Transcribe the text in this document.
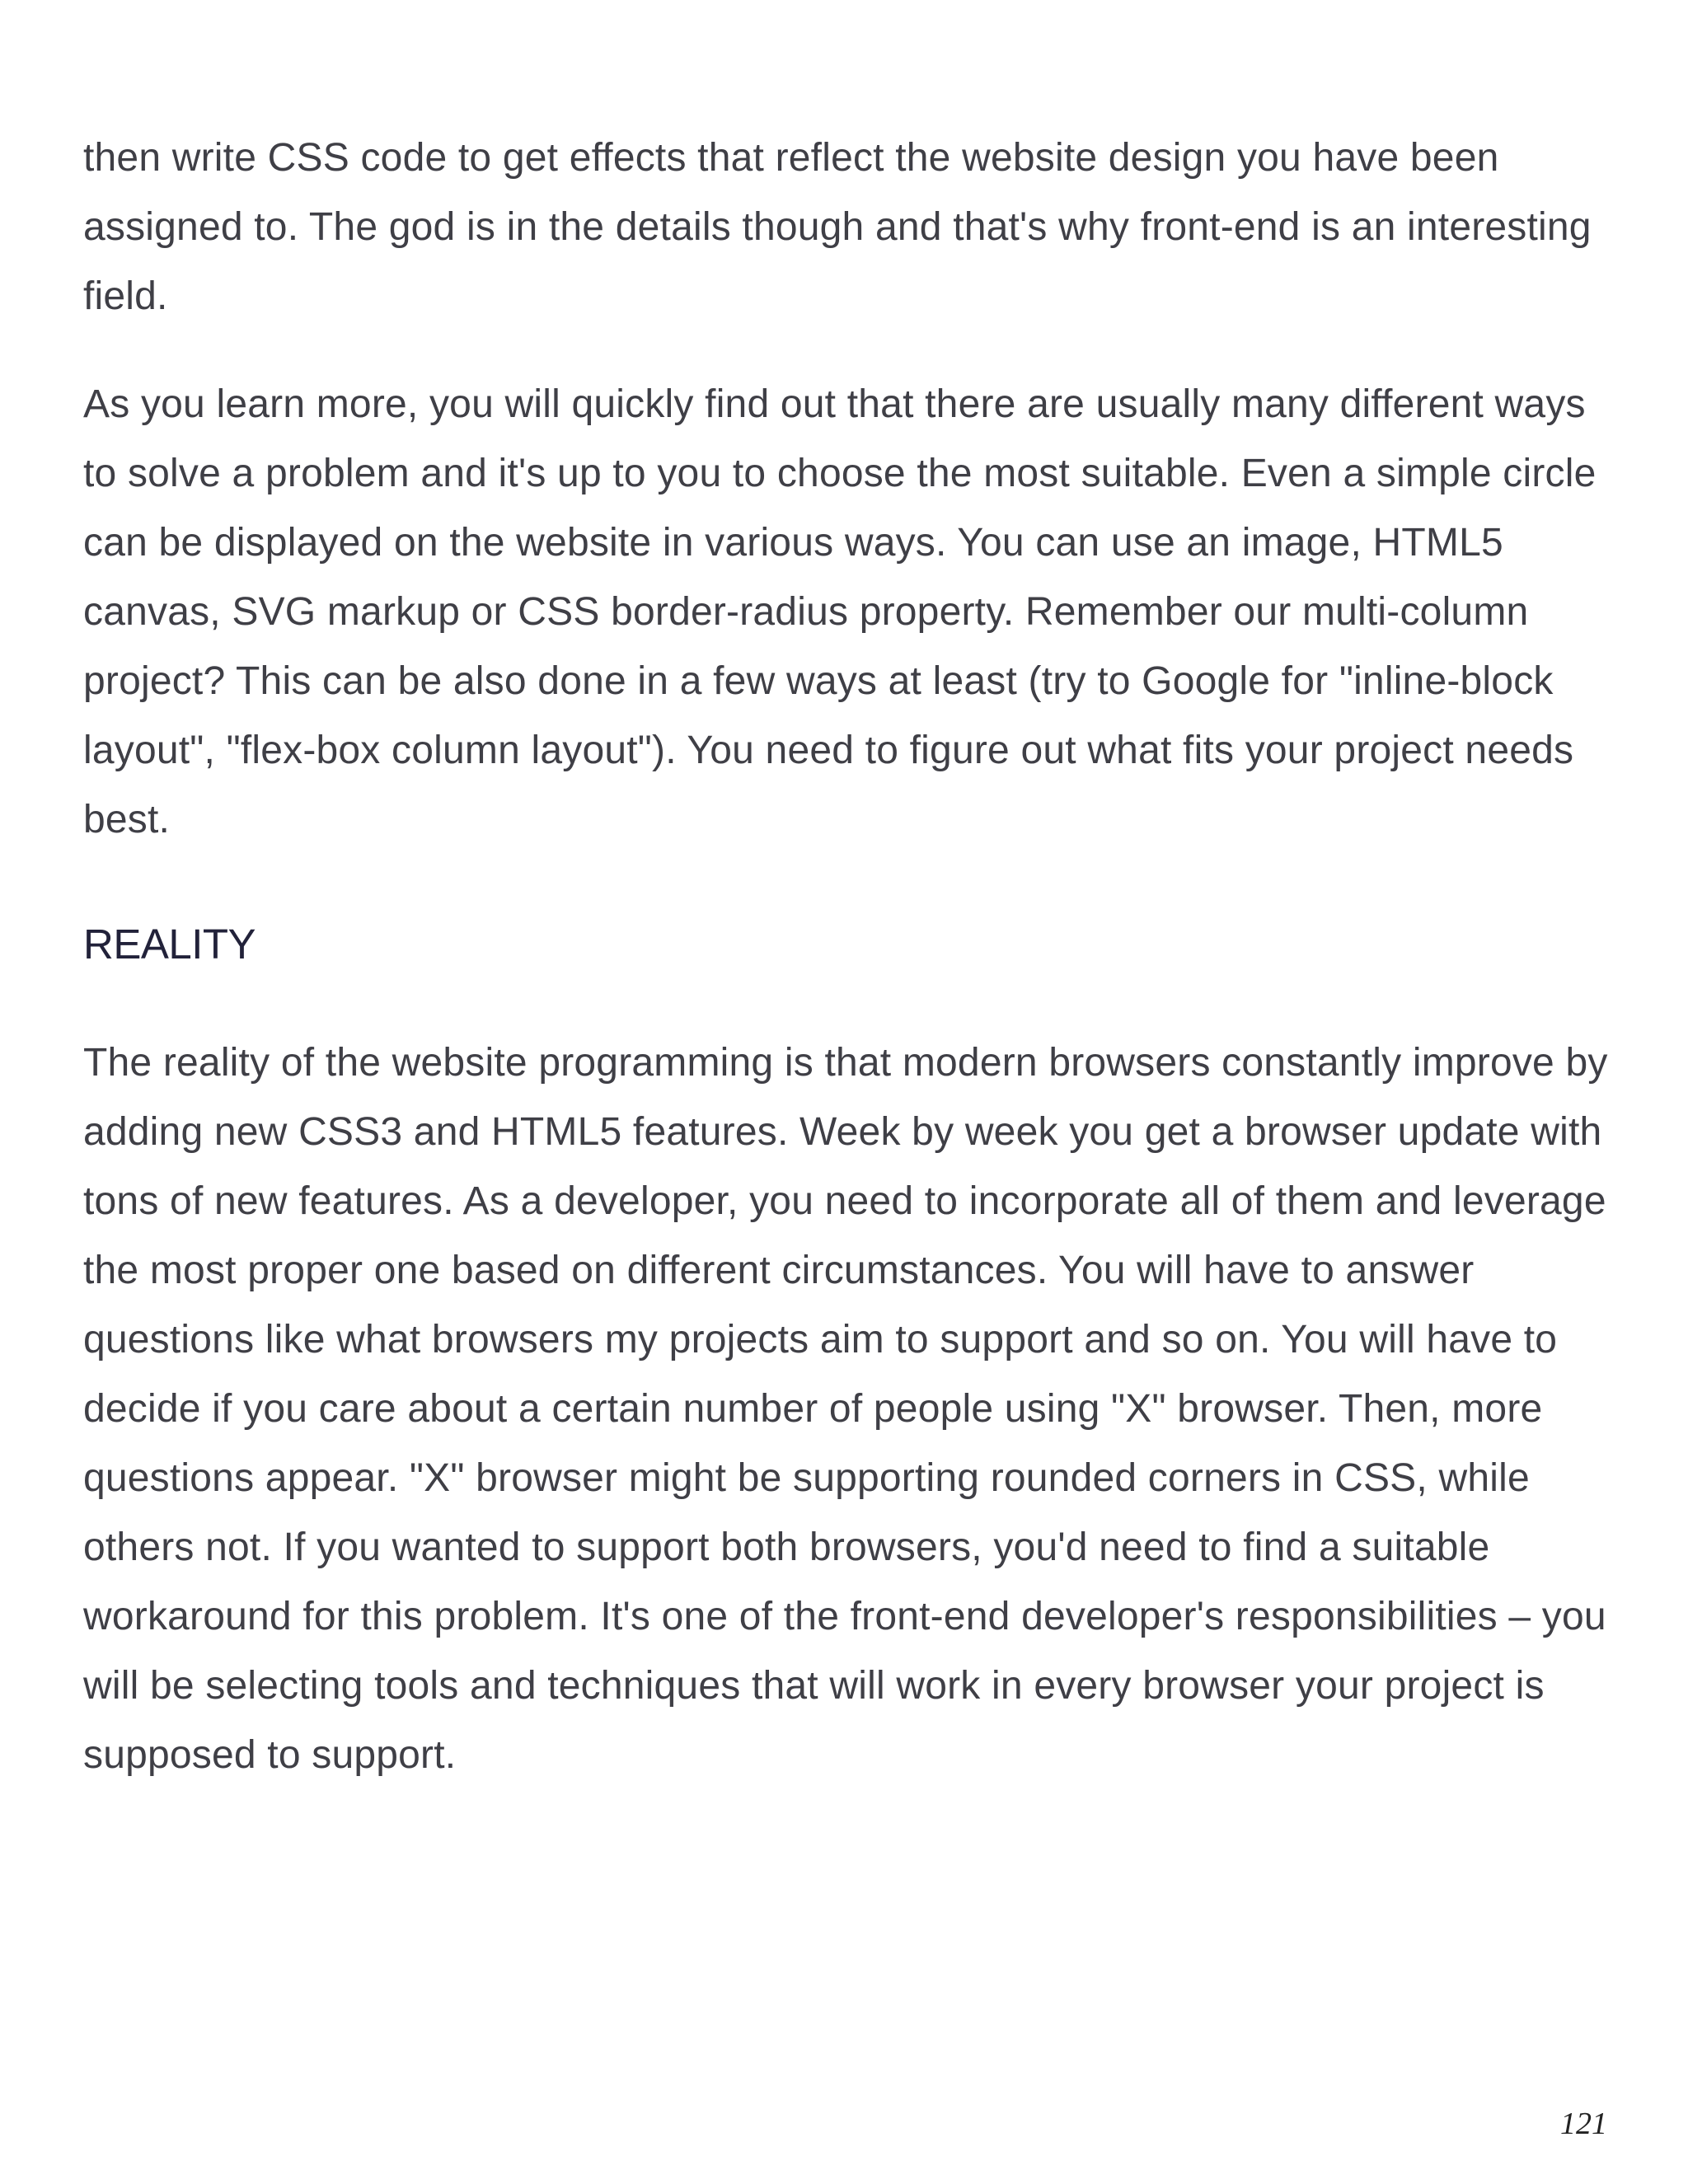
then write CSS code to get effects that reflect the website design you have been assigned to. The god is in the details though and that's why front-end is an interesting field.

As you learn more, you will quickly find out that there are usually many different ways to solve a problem and it's up to you to choose the most suitable. Even a simple circle can be displayed on the website in various ways. You can use an image, HTML5 canvas, SVG markup or CSS border-radius property. Remember our multi-column project? This can be also done in a few ways at least (try to Google for "inline-block layout", "flex-box column layout"). You need to figure out what fits your project needs best.

REALITY

The reality of the website programming is that modern browsers constantly improve by adding new CSS3 and HTML5 features. Week by week you get a browser update with tons of new features. As a developer, you need to incorporate all of them and leverage the most proper one based on different circumstances. You will have to answer questions like what browsers my projects aim to support and so on. You will have to decide if you care about a certain number of people using "X" browser. Then, more questions appear. "X" browser might be supporting rounded corners in CSS, while others not. If you wanted to support both browsers, you'd need to find a suitable workaround for this problem. It's one of the front-end developer's responsibilities – you will be selecting tools and techniques that will work in every browser your project is supposed to support.

121
